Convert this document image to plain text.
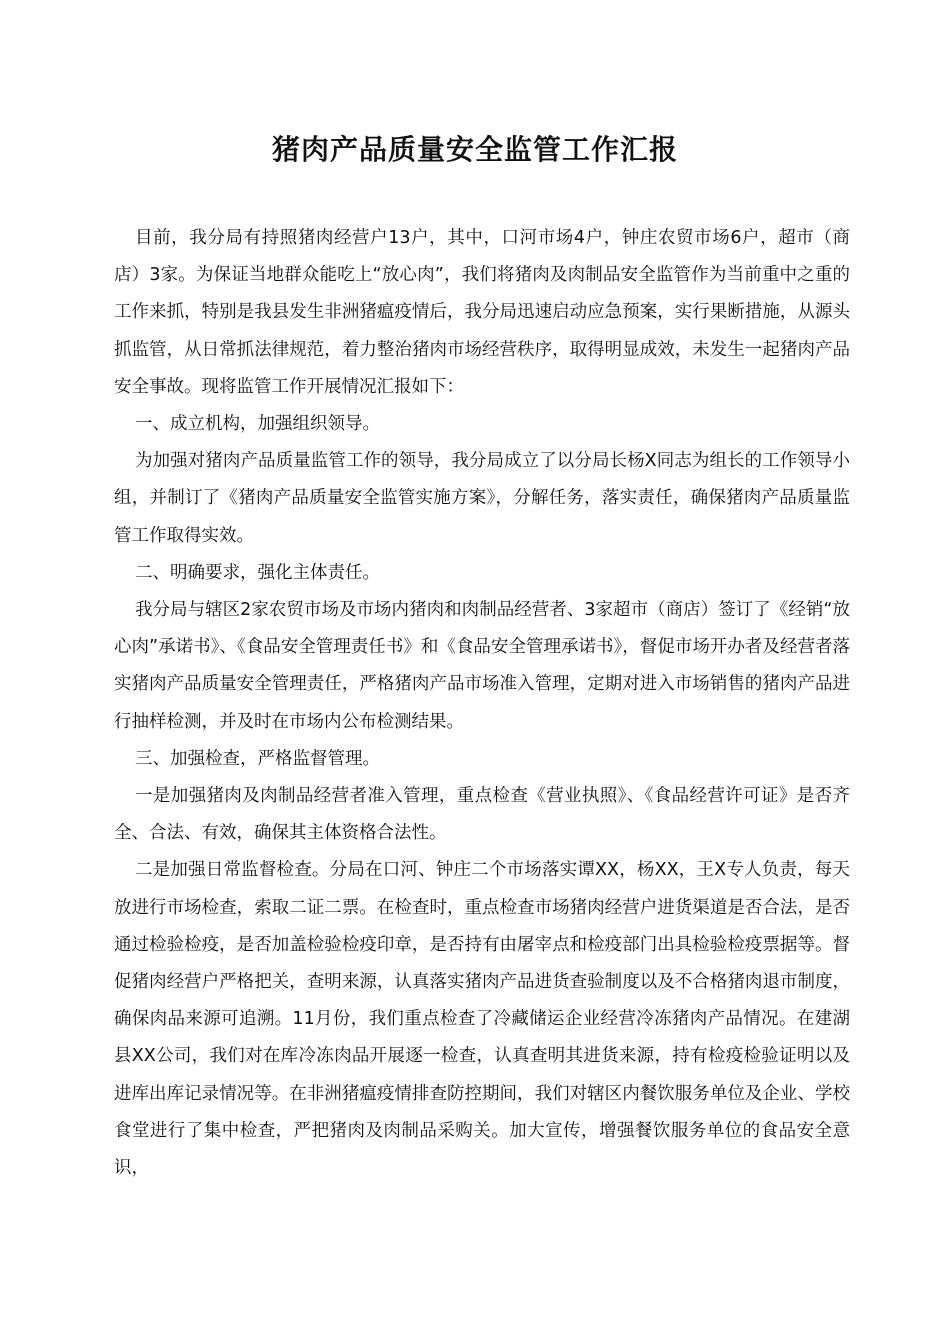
猪肉产品质量安全监管工作汇报

目前，我分局有持照猪肉经营户13户，其中，口河市场4户，钟庄农贸市场6户，超市（商店）3家。为保证当地群众能吃上“放心肉”，我们将猪肉及肉制品安全监管作为当前重中之重的工作来抓，特别是我县发生非洲猪瘟疫情后，我分局迅速启动应急预案，实行果断措施，从源头抓监管，从日常抓法律规范，着力整治猪肉市场经营秩序，取得明显成效，未发生一起猪肉产品安全事故。现将监管工作开展情况汇报如下：

一、成立机构，加强组织领导。

为加强对猪肉产品质量监管工作的领导，我分局成立了以分局长杨X同志为组长的工作领导小组，并制订了《猪肉产品质量安全监管实施方案》，分解任务，落实责任，确保猪肉产品质量监管工作取得实效。

二、明确要求，强化主体责任。

我分局与辖区2家农贸市场及市场内猪肉和肉制品经营者、3家超市（商店）签订了《经销“放心肉”承诺书》、《食品安全管理责任书》和《食品安全管理承诺书》，督促市场开办者及经营者落实猪肉产品质量安全管理责任，严格猪肉产品市场准入管理，定期对进入市场销售的猪肉产品进行抽样检测，并及时在市场内公布检测结果。

三、加强检查，严格监督管理。

一是加强猪肉及肉制品经营者准入管理，重点检查《营业执照》、《食品经营许可证》是否齐全、合法、有效，确保其主体资格合法性。

二是加强日常监督检查。分局在口河、钟庄二个市场落实谭XX，杨XX，王X专人负责，每天放进行市场检查，索取二证二票。在检查时，重点检查市场猪肉经营户进货渠道是否合法，是否通过检验检疫，是否加盖检验检疫印章，是否持有由屠宰点和检疫部门出具检验检疫票据等。督促猪肉经营户严格把关，查明来源，认真落实猪肉产品进货查验制度以及不合格猪肉退市制度，确保肉品来源可追溯。11月份，我们重点检查了冷藏储运企业经营冷冻猪肉产品情况。在建湖县XX公司，我们对在库冷冻肉品开展逐一检查，认真查明其进货来源，持有检疫检验证明以及进库出库记录情况等。在非洲猪瘟疫情排查防控期间，我们对辖区内餐饮服务单位及企业、学校食堂进行了集中检查，严把猪肉及肉制品采购关。加大宣传，增强餐饮服务单位的食品安全意识，
